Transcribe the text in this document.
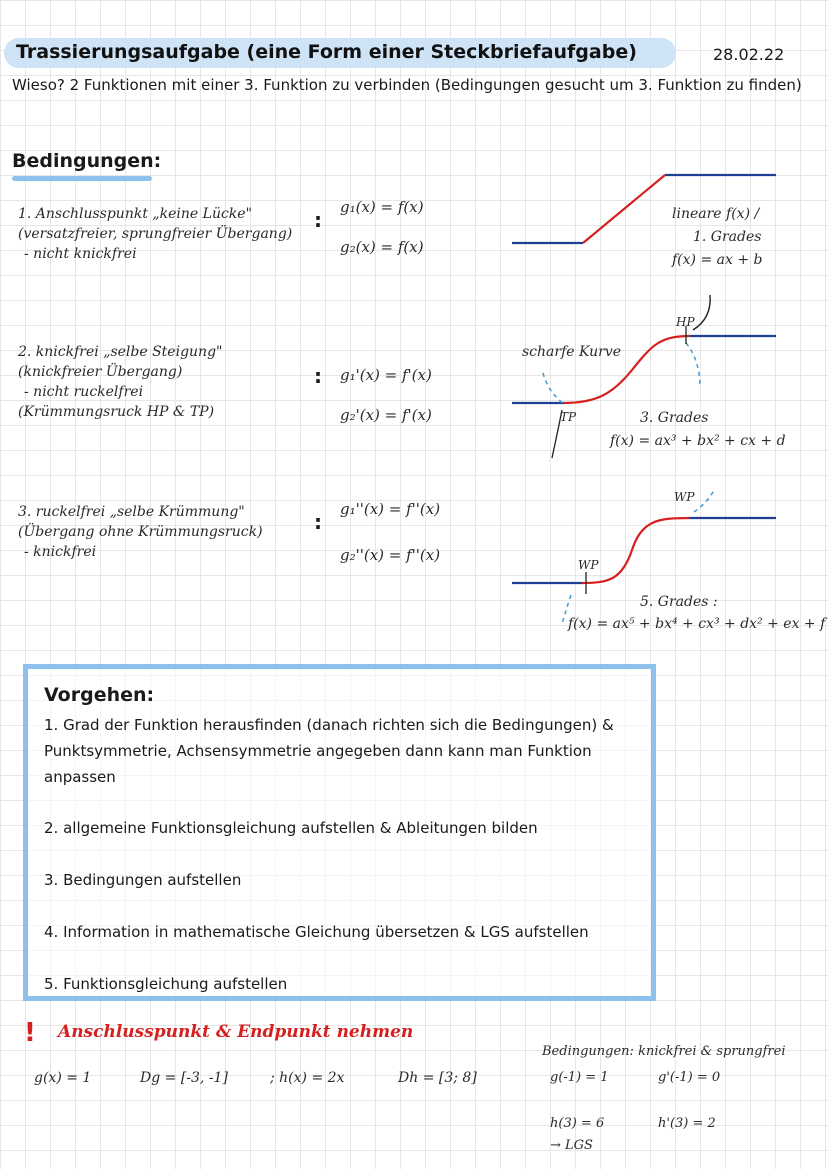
Trassierungsaufgabe (eine Form einer Steckbriefaufgabe)	28.02.22
Wieso? 2 Funktionen mit einer 3. Funktion zu verbinden (Bedingungen gesucht um 3. Funktion zu finden)
Bedingungen:
1. Anschlusspunkt „keine Lücke"
(versatzfreier, sprungfreier Übergang)
- nicht knickfrei
:
g₁(x) = f(x)
g₂(x) = f(x)
lineare f(x) /
1. Grades
f(x) = ax + b
2. knickfrei „selbe Steigung"
(knickfreier Übergang)
- nicht ruckelfrei
(Krümmungsruck HP & TP)
: g₁'(x) = f'(x)
g₂'(x) = f'(x)
scharfe Kurve
HP
TP	3. Grades
f(x) = ax³ + bx² + cx + d
3. ruckelfrei „selbe Krümmung"
(Übergang ohne Krümmungsruck)
- knickfrei
:
g₁''(x) = f''(x)
g₂''(x) = f''(x)
WP
WP
5. Grades :
f(x) = ax⁵ + bx⁴ + cx³ + dx² + ex + f
Vorgehen:
1. Grad der Funktion herausfinden (danach richten sich die Bedingungen) & Punktsymmetrie, Achsensymmetrie angegeben dann kann man Funktion anpassen
2. allgemeine Funktionsgleichung aufstellen & Ableitungen bilden
3. Bedingungen aufstellen
4. Information in mathematische Gleichung übersetzen & LGS aufstellen
5. Funktionsgleichung aufstellen
! Anschlusspunkt & Endpunkt nehmen
g(x) = 1	Dg = [-3, -1]	; h(x) = 2x	Dh = [3; 8]
Bedingungen: knickfrei & sprungfrei
g(-1) = 1	g'(-1) = 0
h(3) = 6	h'(3) = 2
→ LGS
